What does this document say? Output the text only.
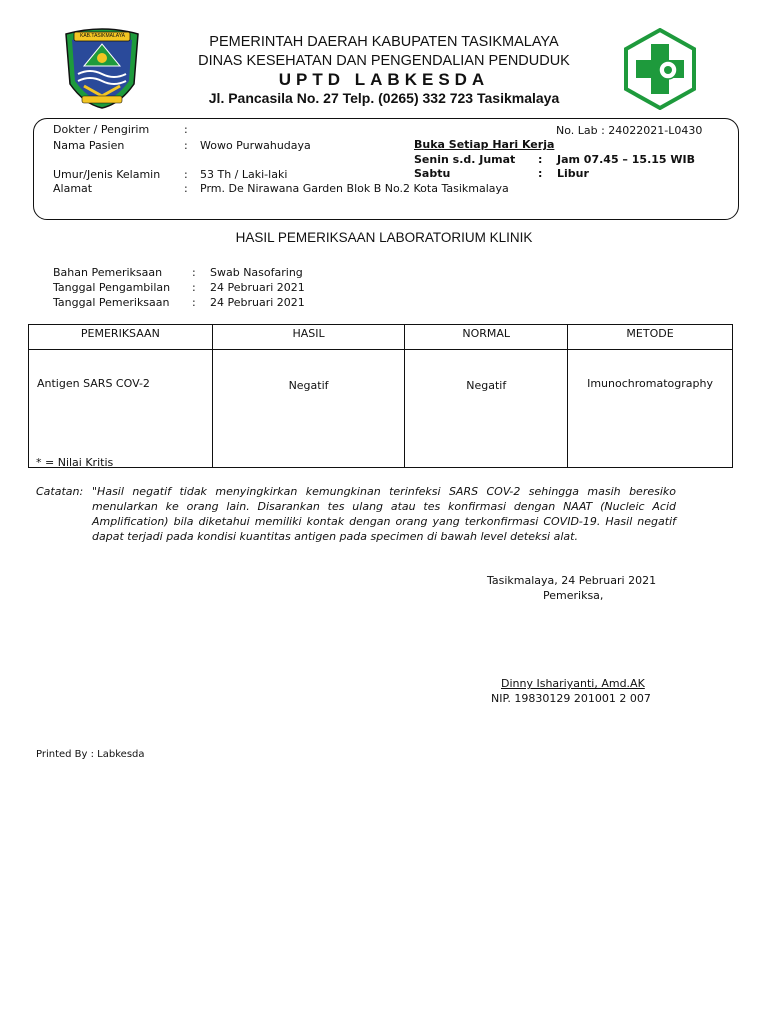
KAB.TASIKMALAYA	PEMERINTAH DAERAH KABUPATEN TASIKMALAYA
DINAS KESEHATAN DAN PENGENDALIAN PENDUDUK
UPTD LABKESDA
Jl. Pancasila No. 27 Telp. (0265) 332 723 Tasikmalaya
Dokter / Pengirim	:
Nama Pasien	: Wowo Purwahudaya
Umur/Jenis Kelamin : 53 Th / Laki-laki
Alamat	: Prm. De Nirawana Garden Blok B No.2 Kota Tasikmalaya
No. Lab : 24022021-L0430
Buka Setiap Hari Kerja
Senin s.d. Jumat : Jam 07.45 – 15.15 WIB
Sabtu	: Libur
HASIL PEMERIKSAAN LABORATORIUM KLINIK
Bahan Pemeriksaan	: Swab Nasofaring
Tanggal Pengambilan : 24 Pebruari 2021
Tanggal Pemeriksaan : 24 Pebruari 2021
PEMERIKSAAN	HASIL	NORMAL	METODE
Antigen SARS COV-2	Negatif	Negatif	Imunochromatography
* = Nilai Kritis
Catatan: "Hasil negatif tidak menyingkirkan kemungkinan terinfeksi SARS COV-2 sehingga masih beresiko menularkan ke orang lain. Disarankan tes ulang atau tes konfirmasi dengan NAAT (Nucleic Acid Amplification) bila diketahui memiliki kontak dengan orang yang terkonfirmasi COVID-19. Hasil negatif dapat terjadi pada kondisi kuantitas antigen pada specimen di bawah level deteksi alat.
Tasikmalaya, 24 Pebruari 2021
Pemeriksa,
Dinny Ishariyanti, Amd.AK
NIP. 19830129 201001 2 007
Printed By : Labkesda
